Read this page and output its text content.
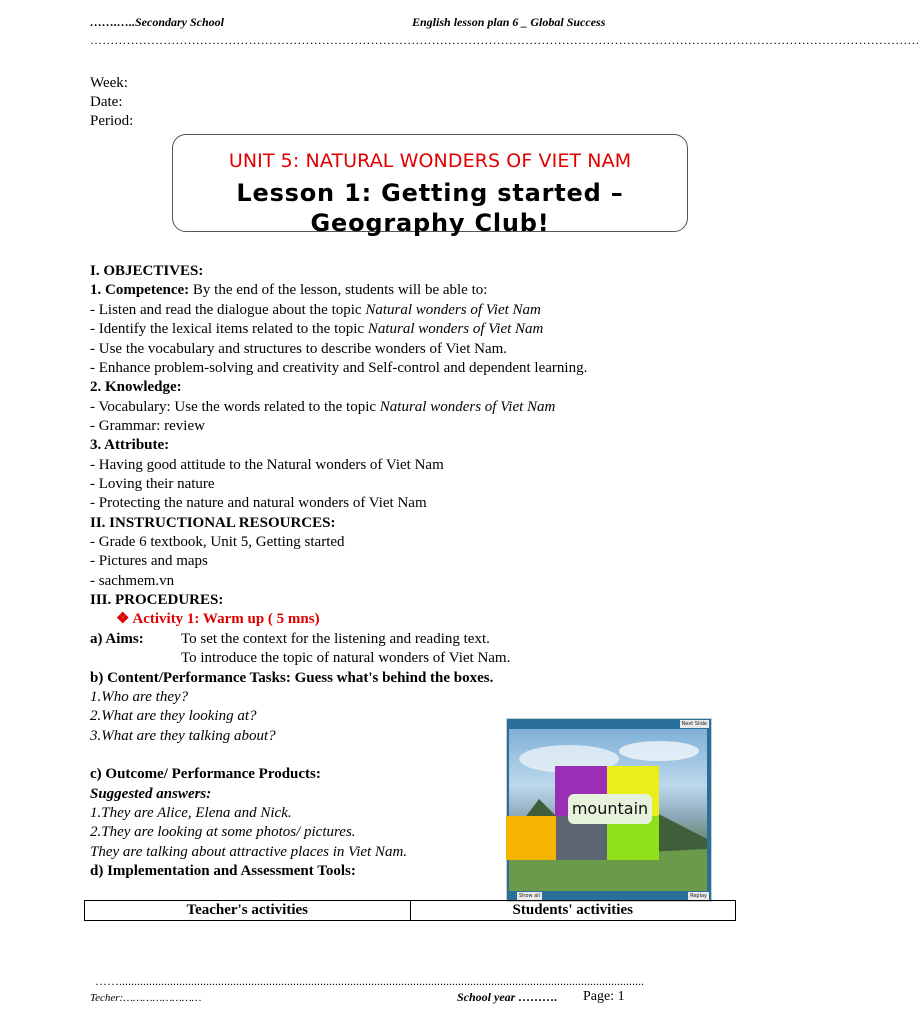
…….…..Secondary School	English lesson plan 6 _ Global Success
……………………………………………………………………………………………………………………………………………………………………………………
Week:
Date:
Period:
UNIT 5: NATURAL WONDERS OF VIET NAM
Lesson 1: Getting started – Geography Club!
I. OBJECTIVES:
1. Competence: By the end of the lesson, students will be able to:
- Listen and read the dialogue about the topic Natural wonders of Viet Nam
- Identify the lexical items related to the topic Natural wonders of Viet Nam
- Use the vocabulary and structures to describe wonders of Viet Nam.
- Enhance problem-solving and creativity and Self-control and dependent learning.
2. Knowledge:
- Vocabulary: Use the words related to the topic Natural wonders of Viet Nam
- Grammar: review
3. Attribute:
- Having good attitude to the Natural wonders of Viet Nam
- Loving their nature
- Protecting the nature and natural wonders of Viet Nam
II. INSTRUCTIONAL RESOURCES:
- Grade 6 textbook, Unit 5, Getting started
- Pictures and maps
- sachmem.vn
III. PROCEDURES:
❖ Activity 1: Warm up ( 5 mns)
a) Aims: To set the context for the listening and reading text.
To introduce the topic of natural wonders of Viet Nam.
b) Content/Performance Tasks: Guess what's behind the boxes.
1.Who are they?
2.What are they looking at?
3.What are they talking about?
c) Outcome/ Performance Products:
Suggested answers:
1.They are Alice, Elena and Nick.
2.They are looking at some photos/ pictures.
They are talking about attractive places in Viet Nam.
d) Implementation and Assessment Tools:
Next Slide
Show all	Replay
mountain
Teacher's activities	Students' activities
……...............................................................................................................................................................................
Techer:……………………	School year ………. Page: 1
